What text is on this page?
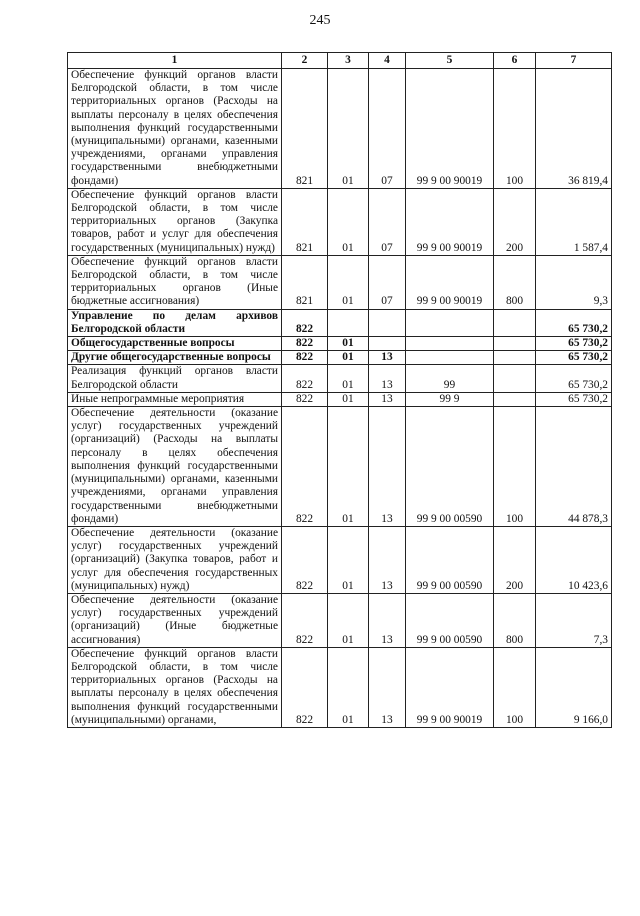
245
1	2	3	4	5	6	7
Обеспечение функций органов власти Белгородской области, в том числе территориальных органов (Расходы на выплаты персоналу в целях обеспечения выполнения функций государственными (муниципальными) органами, казенными учреждениями, органами управления государственными внебюджетными фондами)	821	01	07	99 9 00 90019	100	36 819,4
Обеспечение функций органов власти Белгородской области, в том числе территориальных органов (Закупка товаров, работ и услуг для обеспечения государственных (муниципальных) нужд)	821	01	07	99 9 00 90019	200	1 587,4
Обеспечение функций органов власти Белгородской области, в том числе территориальных органов (Иные бюджетные ассигнования)	821	01	07	99 9 00 90019	800	9,3
Управление по делам архивов Белгородской области	822					65 730,2
Общегосударственные вопросы	822	01				65 730,2
Другие общегосударственные вопросы	822	01	13			65 730,2
Реализация функций органов власти Белгородской области	822	01	13	99		65 730,2
Иные непрограммные мероприятия	822	01	13	99 9		65 730,2
Обеспечение деятельности (оказание услуг) государственных учреждений (организаций) (Расходы на выплаты персоналу в целях обеспечения выполнения функций государственными (муниципальными) органами, казенными учреждениями, органами управления государственными внебюджетными фондами)	822	01	13	99 9 00 00590	100	44 878,3
Обеспечение деятельности (оказание услуг) государственных учреждений (организаций) (Закупка товаров, работ и услуг для обеспечения государственных (муниципальных) нужд)	822	01	13	99 9 00 00590	200	10 423,6
Обеспечение деятельности (оказание услуг) государственных учреждений (организаций) (Иные бюджетные ассигнования)	822	01	13	99 9 00 00590	800	7,3
Обеспечение функций органов власти Белгородской области, в том числе территориальных органов (Расходы на выплаты персоналу в целях обеспечения выполнения функций государственными (муниципальными) органами,	822	01	13	99 9 00 90019	100	9 166,0
